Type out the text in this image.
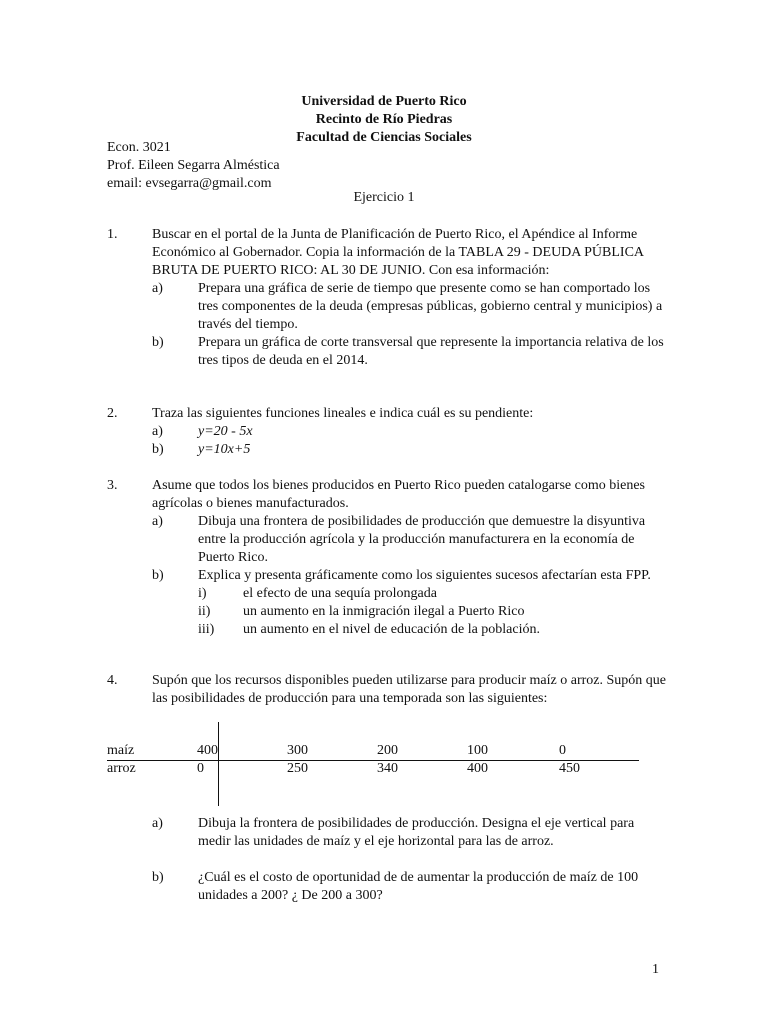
Universidad de Puerto Rico
Recinto de Río Piedras
Facultad de Ciencias Sociales
Econ. 3021
Prof. Eileen Segarra Alméstica
email: evsegarra@gmail.com
Ejercicio 1
1. Buscar en el portal de la Junta de Planificación de Puerto Rico, el Apéndice al Informe Económico al Gobernador. Copia la información de la TABLA 29 - DEUDA PÚBLICA BRUTA DE PUERTO RICO: AL 30 DE JUNIO. Con esa información:
a)	Prepara una gráfica de serie de tiempo que presente como se han comportado los tres componentes de la deuda (empresas públicas, gobierno central y municipios) a través del tiempo.
b) Prepara un gráfica de corte transversal que represente la importancia relativa de los tres tipos de deuda en el 2014.
2. Traza las siguientes funciones lineales e indica cuál es su pendiente:
a)	y=20 - 5x
b) y=10x+5
3. Asume que todos los bienes producidos en Puerto Rico pueden catalogarse como bienes agrícolas o bienes manufacturados.
a)	Dibuja una frontera de posibilidades de producción que demuestre la disyuntiva entre la producción agrícola y la producción manufacturera en la economía de Puerto Rico.
b) Explica y presenta gráficamente como los siguientes sucesos afectarían esta FPP.
i)	el efecto de una sequía prolongada
ii) un aumento en la inmigración ilegal a Puerto Rico
iii) un aumento en el nivel de educación de la población.
4. Supón que los recursos disponibles pueden utilizarse para producir maíz o arroz. Supón que las posibilidades de producción para una temporada son las siguientes:
maíz	400	300	200	100	0
arroz	0	250	340	400	450
a)	Dibuja la frontera de posibilidades de producción. Designa el eje vertical para medir las unidades de maíz y el eje horizontal para las de arroz.
b) ¿Cuál es el costo de oportunidad de de aumentar la producción de maíz de 100 unidades a 200? ¿ De 200 a 300?
1
